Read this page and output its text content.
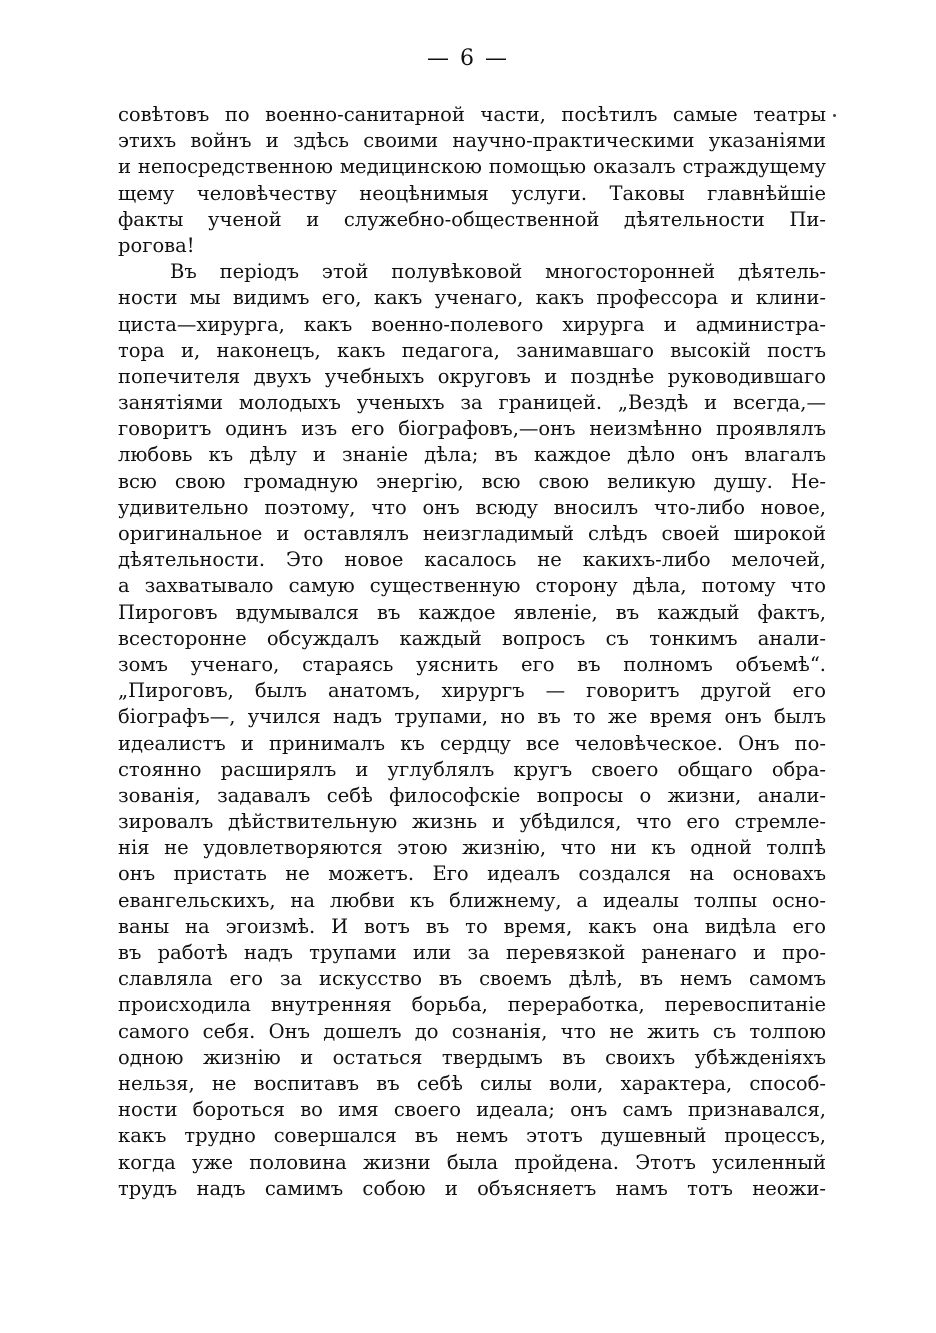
— 6 —
совѣтовъ по военно-санитарной части, посѣтилъ самые театры
этихъ войнъ и здѣсь своими научно-практическими указаніями
и непосредственною медицинскою помощью оказалъ страждущему
щему человѣчеству неоцѣнимыя услуги. Таковы главнѣйшіе
факты ученой и служебно-общественной дѣятельности Пи-
рогова!
Въ періодъ этой полувѣковой многосторонней дѣятель-
ности мы видимъ его, какъ ученаго, какъ профессора и клини-
циста—хирурга, какъ военно-полевого хирурга и администра-
тора и, наконецъ, какъ педагога, занимавшаго высокій постъ
попечителя двухъ учебныхъ округовъ и позднѣе руководившаго
занятіями молодыхъ ученыхъ за границей. „Вездѣ и всегда,—
говоритъ одинъ изъ его біографовъ,—онъ неизмѣнно проявлялъ
любовь къ дѣлу и знаніе дѣла; въ каждое дѣло онъ влагалъ
всю свою громадную энергію, всю свою великую душу. Не-
удивительно поэтому, что онъ всюду вносилъ что-либо новое,
оригинальное и оставлялъ неизгладимый слѣдъ своей широкой
дѣятельности. Это новое касалось не какихъ-либо мелочей,
а захватывало самую существенную сторону дѣла, потому что
Пироговъ вдумывался въ каждое явленіе, въ каждый фактъ,
всесторонне обсуждалъ каждый вопросъ съ тонкимъ анали-
зомъ ученаго, стараясь уяснить его въ полномъ объемѣ“.
„Пироговъ, былъ анатомъ, хирургъ — говоритъ другой его
біографъ—, учился надъ трупами, но въ то же время онъ былъ
идеалистъ и принималъ къ сердцу все человѣческое. Онъ по-
стоянно расширялъ и углублялъ кругъ своего общаго обра-
зованія, задавалъ себѣ философскіе вопросы о жизни, анали-
зировалъ дѣйствительную жизнь и убѣдился, что его стремле-
нія не удовлетворяются этою жизнію, что ни къ одной толпѣ
онъ пристать не можетъ. Его идеалъ создался на основахъ
евангельскихъ, на любви къ ближнему, а идеалы толпы осно-
ваны на эгоизмѣ. И вотъ въ то время, какъ она видѣла его
въ работѣ надъ трупами или за перевязкой раненаго и про-
славляла его за искусство въ своемъ дѣлѣ, въ немъ самомъ
происходила внутренняя борьба, переработка, перевоспитаніе
самого себя. Онъ дошелъ до сознанія, что не жить съ толпою
одною жизнію и остаться твердымъ въ своихъ убѣжденіяхъ
нельзя, не воспитавъ въ себѣ силы воли, характера, способ-
ности бороться во имя своего идеала; онъ самъ признавался,
какъ трудно совершался въ немъ этотъ душевный процессъ,
когда уже половина жизни была пройдена. Этотъ усиленный
трудъ надъ самимъ собою и объясняетъ намъ тотъ неожи-
